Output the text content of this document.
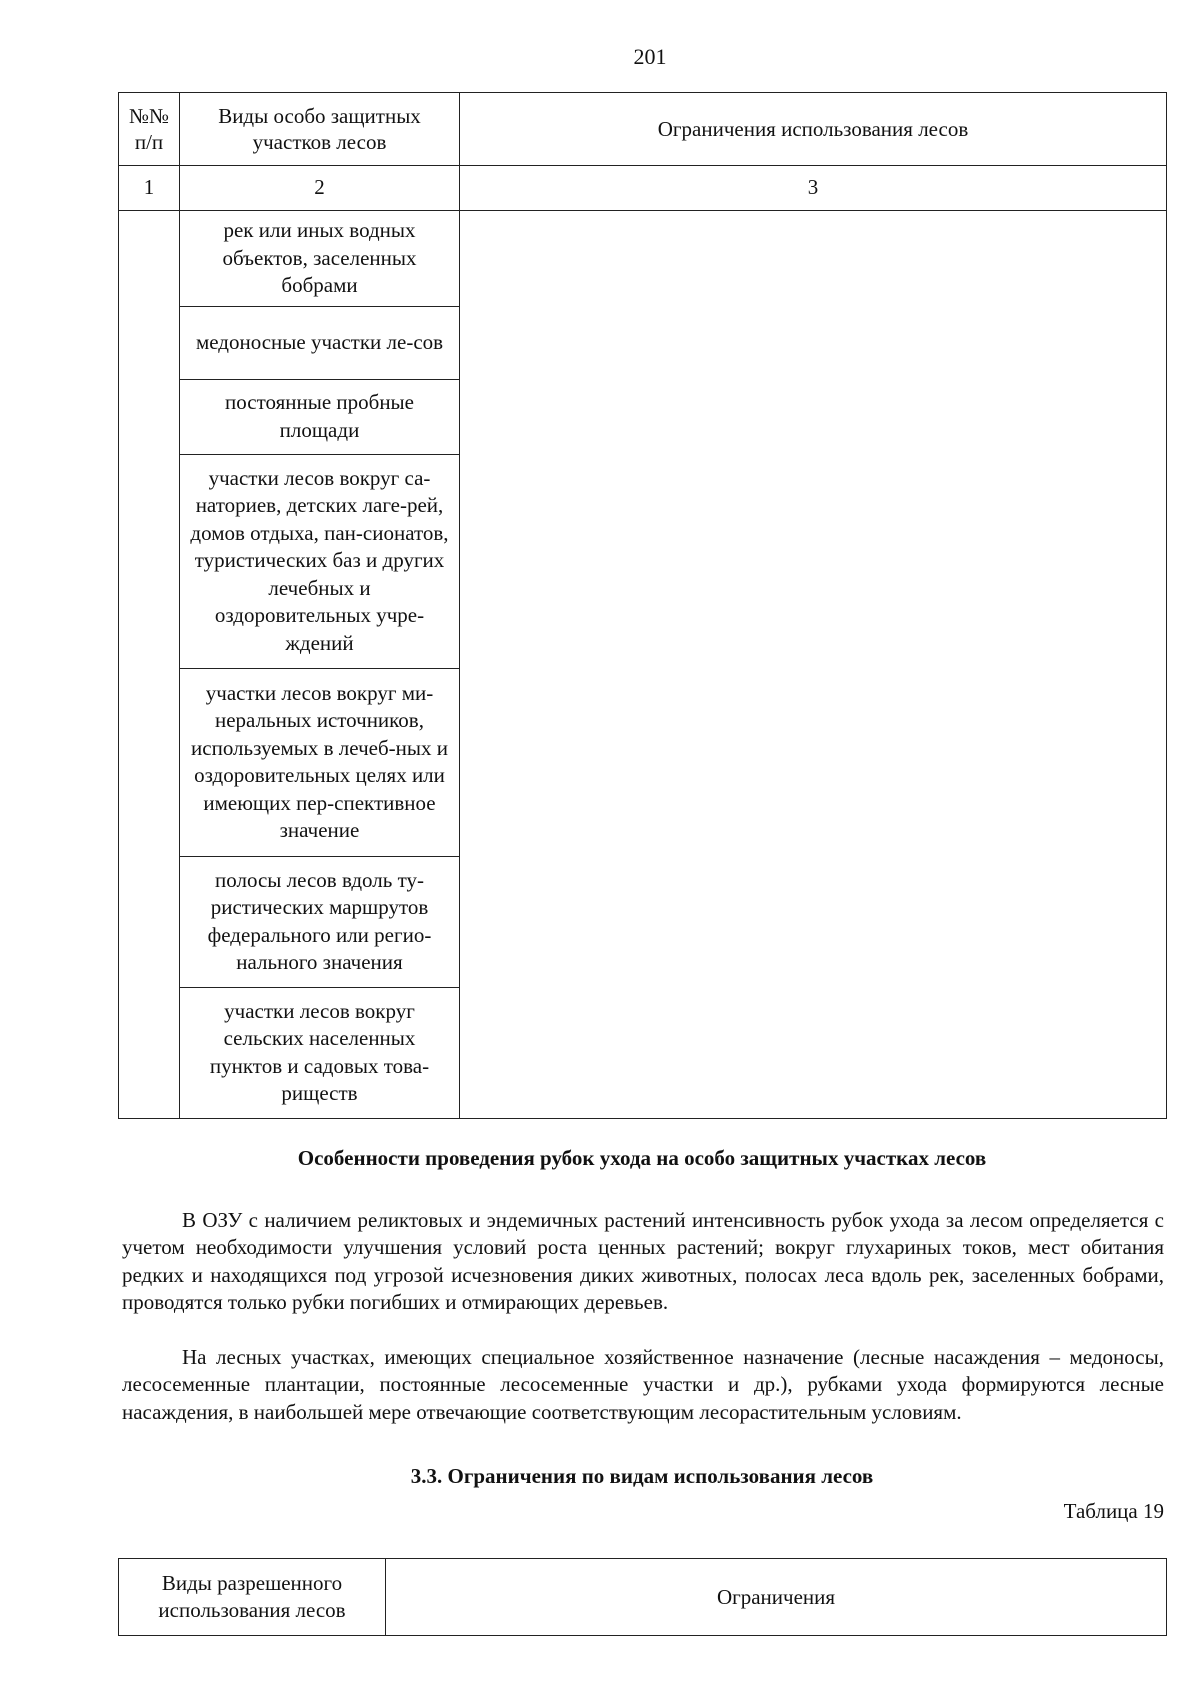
201
№№ п/п	Виды особо защитных участков лесов	Ограничения использования лесов
1	2	3
	рек или иных водных объектов, заселенных бобрами	
	медоносные участки ле-сов	
	постоянные пробные площади	
	участки лесов вокруг са-наториев, детских лаге-рей, домов отдыха, пан-сионатов, туристических баз и других лечебных и оздоровительных учре-ждений	
	участки лесов вокруг ми-неральных источников, используемых в лечеб-ных и оздоровительных целях или имеющих пер-спективное значение	
	полосы лесов вдоль ту-ристических маршрутов федерального или регио-нального значения	
	участки лесов вокруг сельских населенных пунктов и садовых това-риществ	
Особенности проведения рубок ухода на особо защитных участках лесов

В ОЗУ с наличием реликтовых и эндемичных растений интенсивность рубок ухода за лесом определяется с учетом необходимости улучшения условий роста ценных растений; вокруг глухариных токов, мест обитания редких и находящихся под угрозой исчезновения диких животных, полосах леса вдоль рек, заселенных бобрами, проводятся только рубки погибших и отмирающих деревьев.

На лесных участках, имеющих специальное хозяйственное назначение (лесные насаждения – медоносы, лесосеменные плантации, постоянные лесосеменные участки и др.), рубками ухода формируются лесные насаждения, в наибольшей мере отвечающие соответствующим лесорастительным условиям.

3.3. Ограничения по видам использования лесов
Таблица 19
Виды разрешенного использования лесов	Ограничения
